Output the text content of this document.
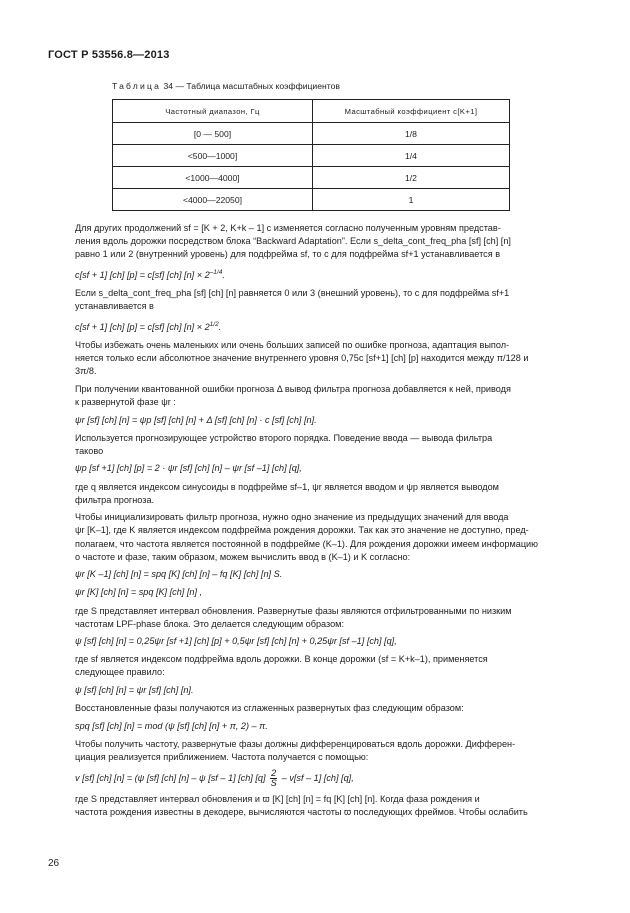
ГОСТ Р 53556.8—2013
Таблица 34 — Таблица масштабных коэффициентов
Частотный диапазон, Гц	Масштабный коэффициент c[K+1]
[0 — 500]	1/8
<500—1000]	1/4
<1000—4000]	1/2
<4000—22050]	1
Для других продолжений sf = [K + 2, K+k – 1] c изменяется согласно полученным уровням представ-
ления вдоль дорожки посредством блока “Backward Adaptation”. Если s_delta_cont_freq_pha [sf] [ch] [n]
равно 1 или 2 (внутренний уровень) для подфрейма sf, то c для подфрейма sf+1 устанавливается в
c[sf + 1] [ch] [p] = c[sf] [ch] $[n] \times 2^{-1/4}$.
Если s_delta_cont_freq_pha [sf] [ch] [n] равняется 0 или 3 (внешний уровень), то c для подфрейма sf+1
устанавливается в
c[sf + 1] [ch] [p] = c[sf] [ch] $[n] \times 2^{1/2}$.
Чтобы избежать очень маленьких или очень больших записей по ошибке прогноза, адаптация выпол-
няется только если абсолютное значение внутреннего уровня 0,75c [sf+1] [ch] [p] находится между π/128 и
3π/8.
При получении квантованной ошибки прогноза Δ вывод фильтра прогноза добавляется к ней, приводя
к развернутой фазе ψr :
ψr [sf] [ch] [n] = ψp [sf] [ch] [n] + Δ [sf] [ch] [n] · c [sf] [ch] [n].
Используется прогнозирующее устройство второго порядка. Поведение ввода — вывода фильтра
таково
ψp [sf +1] [ch] [p] = 2 · ψr [sf] [ch] [n] – ψr [sf –1] [ch] [q],
где q является индексом синусоиды в подфрейме sf–1, ψr является вводом и ψp является выводом
фильтра прогноза.
Чтобы инициализировать фильтр прогноза, нужно одно значение из предыдущих значений для ввода
ψr [K–1], где K является индексом подфрейма рождения дорожки. Так как это значение не доступно, пред-
полагаем, что частота является постоянной в подфрейме (K–1). Для рождения дорожки имеем информацию
о частоте и фазе, таким образом, можем вычислить ввод в (K–1) и K согласно:
ψr [K –1] [ch] [n] = spq [K] [ch] [n] – fq [K] [ch] [n] S.
ψr [K] [ch] [n] = spq [K] [ch] [n] ,
где S представляет интервал обновления. Развернутые фазы являются отфильтрованными по низким
частотам LPF-phase блока. Это делается следующим образом:
ψ [sf] [ch] [n] = 0,25ψr [sf +1] [ch] [p] + 0,5ψr [sf] [ch] [n] + 0,25ψr [sf –1] [ch] [q],
где sf является индексом подфрейма вдоль дорожки. В конце дорожки (sf = K+k–1), применяется
следующее правило:
ψ [sf] [ch] [n] = ψr [sf] [ch] [n].
Восстановленные фазы получаются из сглаженных развернутых фаз следующим образом:
spq [sf] [ch] [n] = mod (ψ [sf] [ch] [n] + π, 2) – π.
Чтобы получить частоту, развернутые фазы должны дифференцироваться вдоль дорожки. Дифферен-
циация реализуется приближением. Частота получается с помощью:
v [sf] [ch] [n] = (ψ [sf] [ch] [n] – ψ [sf – 1] [ch] $[q] \frac{2}{S} - v[sf - 1]$ [ch] [q],
где S представляет интервал обновления и ϖ [K] [ch] [n] = fq [K] [ch] [n]. Когда фаза рождения и
частота рождения известны в декодере, вычисляются частоты ϖ последующих фреймов. Чтобы ослабить
26
